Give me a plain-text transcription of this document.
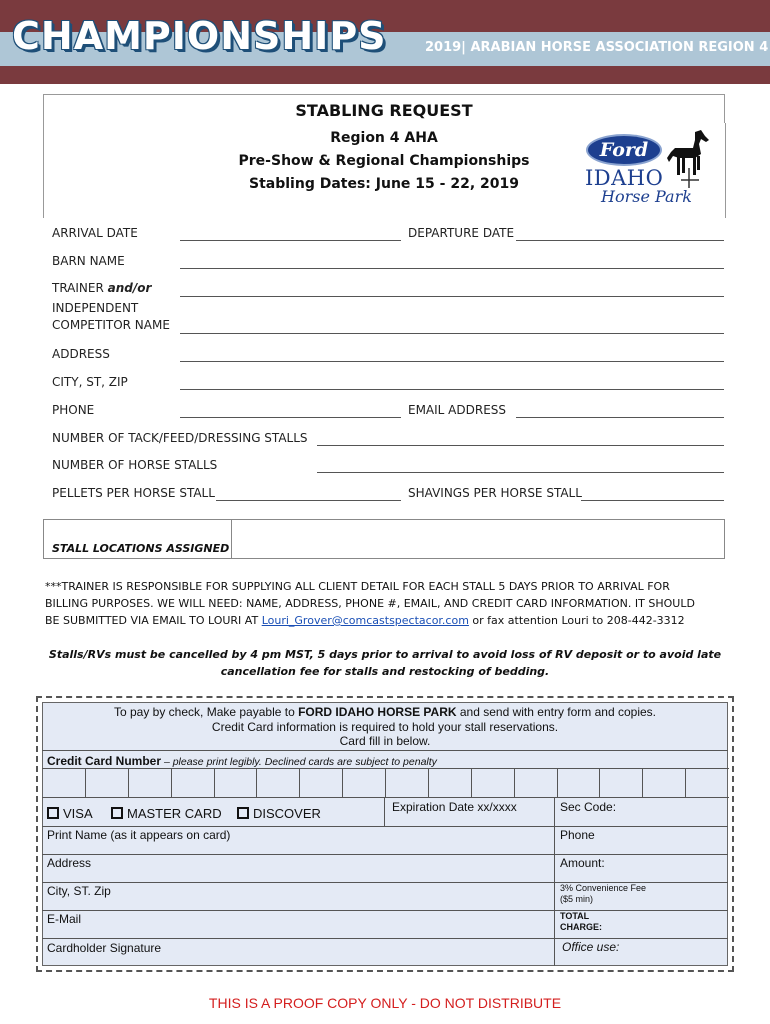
CHAMPIONSHIPS	2019| ARABIAN HORSE ASSOCIATION REGION 4
STABLING REQUEST
Region 4 AHA
Pre-Show & Regional Championships
Stabling Dates: June 15 - 22, 2019
Ford
IDAHO
Horse Park
ARRIVAL DATE	DEPARTURE DATE
BARN NAME
TRAINER and/or
INDEPENDENT
COMPETITOR NAME
ADDRESS
CITY, ST, ZIP
PHONE	EMAIL ADDRESS
NUMBER OF TACK/FEED/DRESSING STALLS
NUMBER OF HORSE STALLS
PELLETS PER HORSE STALL	SHAVINGS PER HORSE STALL
STALL LOCATIONS ASSIGNED
***TRAINER IS RESPONSIBLE FOR SUPPLYING ALL CLIENT DETAIL FOR EACH STALL 5 DAYS PRIOR TO ARRIVAL FOR
BILLING PURPOSES. WE WILL NEED: NAME, ADDRESS, PHONE #, EMAIL, AND CREDIT CARD INFORMATION. IT SHOULD
BE SUBMITTED VIA EMAIL TO LOURI AT Louri_Grover@comcastspectacor.com or fax attention Louri to 208-442-3312
Stalls/RVs must be cancelled by 4 pm MST, 5 days prior to arrival to avoid loss of RV deposit or to avoid late
cancellation fee for stalls and restocking of bedding.
To pay by check, Make payable to FORD IDAHO HORSE PARK and send with entry form and copies.
Credit Card information is required to hold your stall reservations.
Card fill in below.
Credit Card Number – please print legibly. Declined cards are subject to penalty
VISA	MASTER CARD	DISCOVER	Expiration Date xx/xxxx	Sec Code:
Print Name (as it appears on card)	Phone
Address	Amount:
City, ST. Zip	3% Convenience Fee ($5 min)
E-Mail	TOTAL CHARGE:
Cardholder Signature	Office use:
THIS IS A PROOF COPY ONLY - DO NOT DISTRIBUTE
